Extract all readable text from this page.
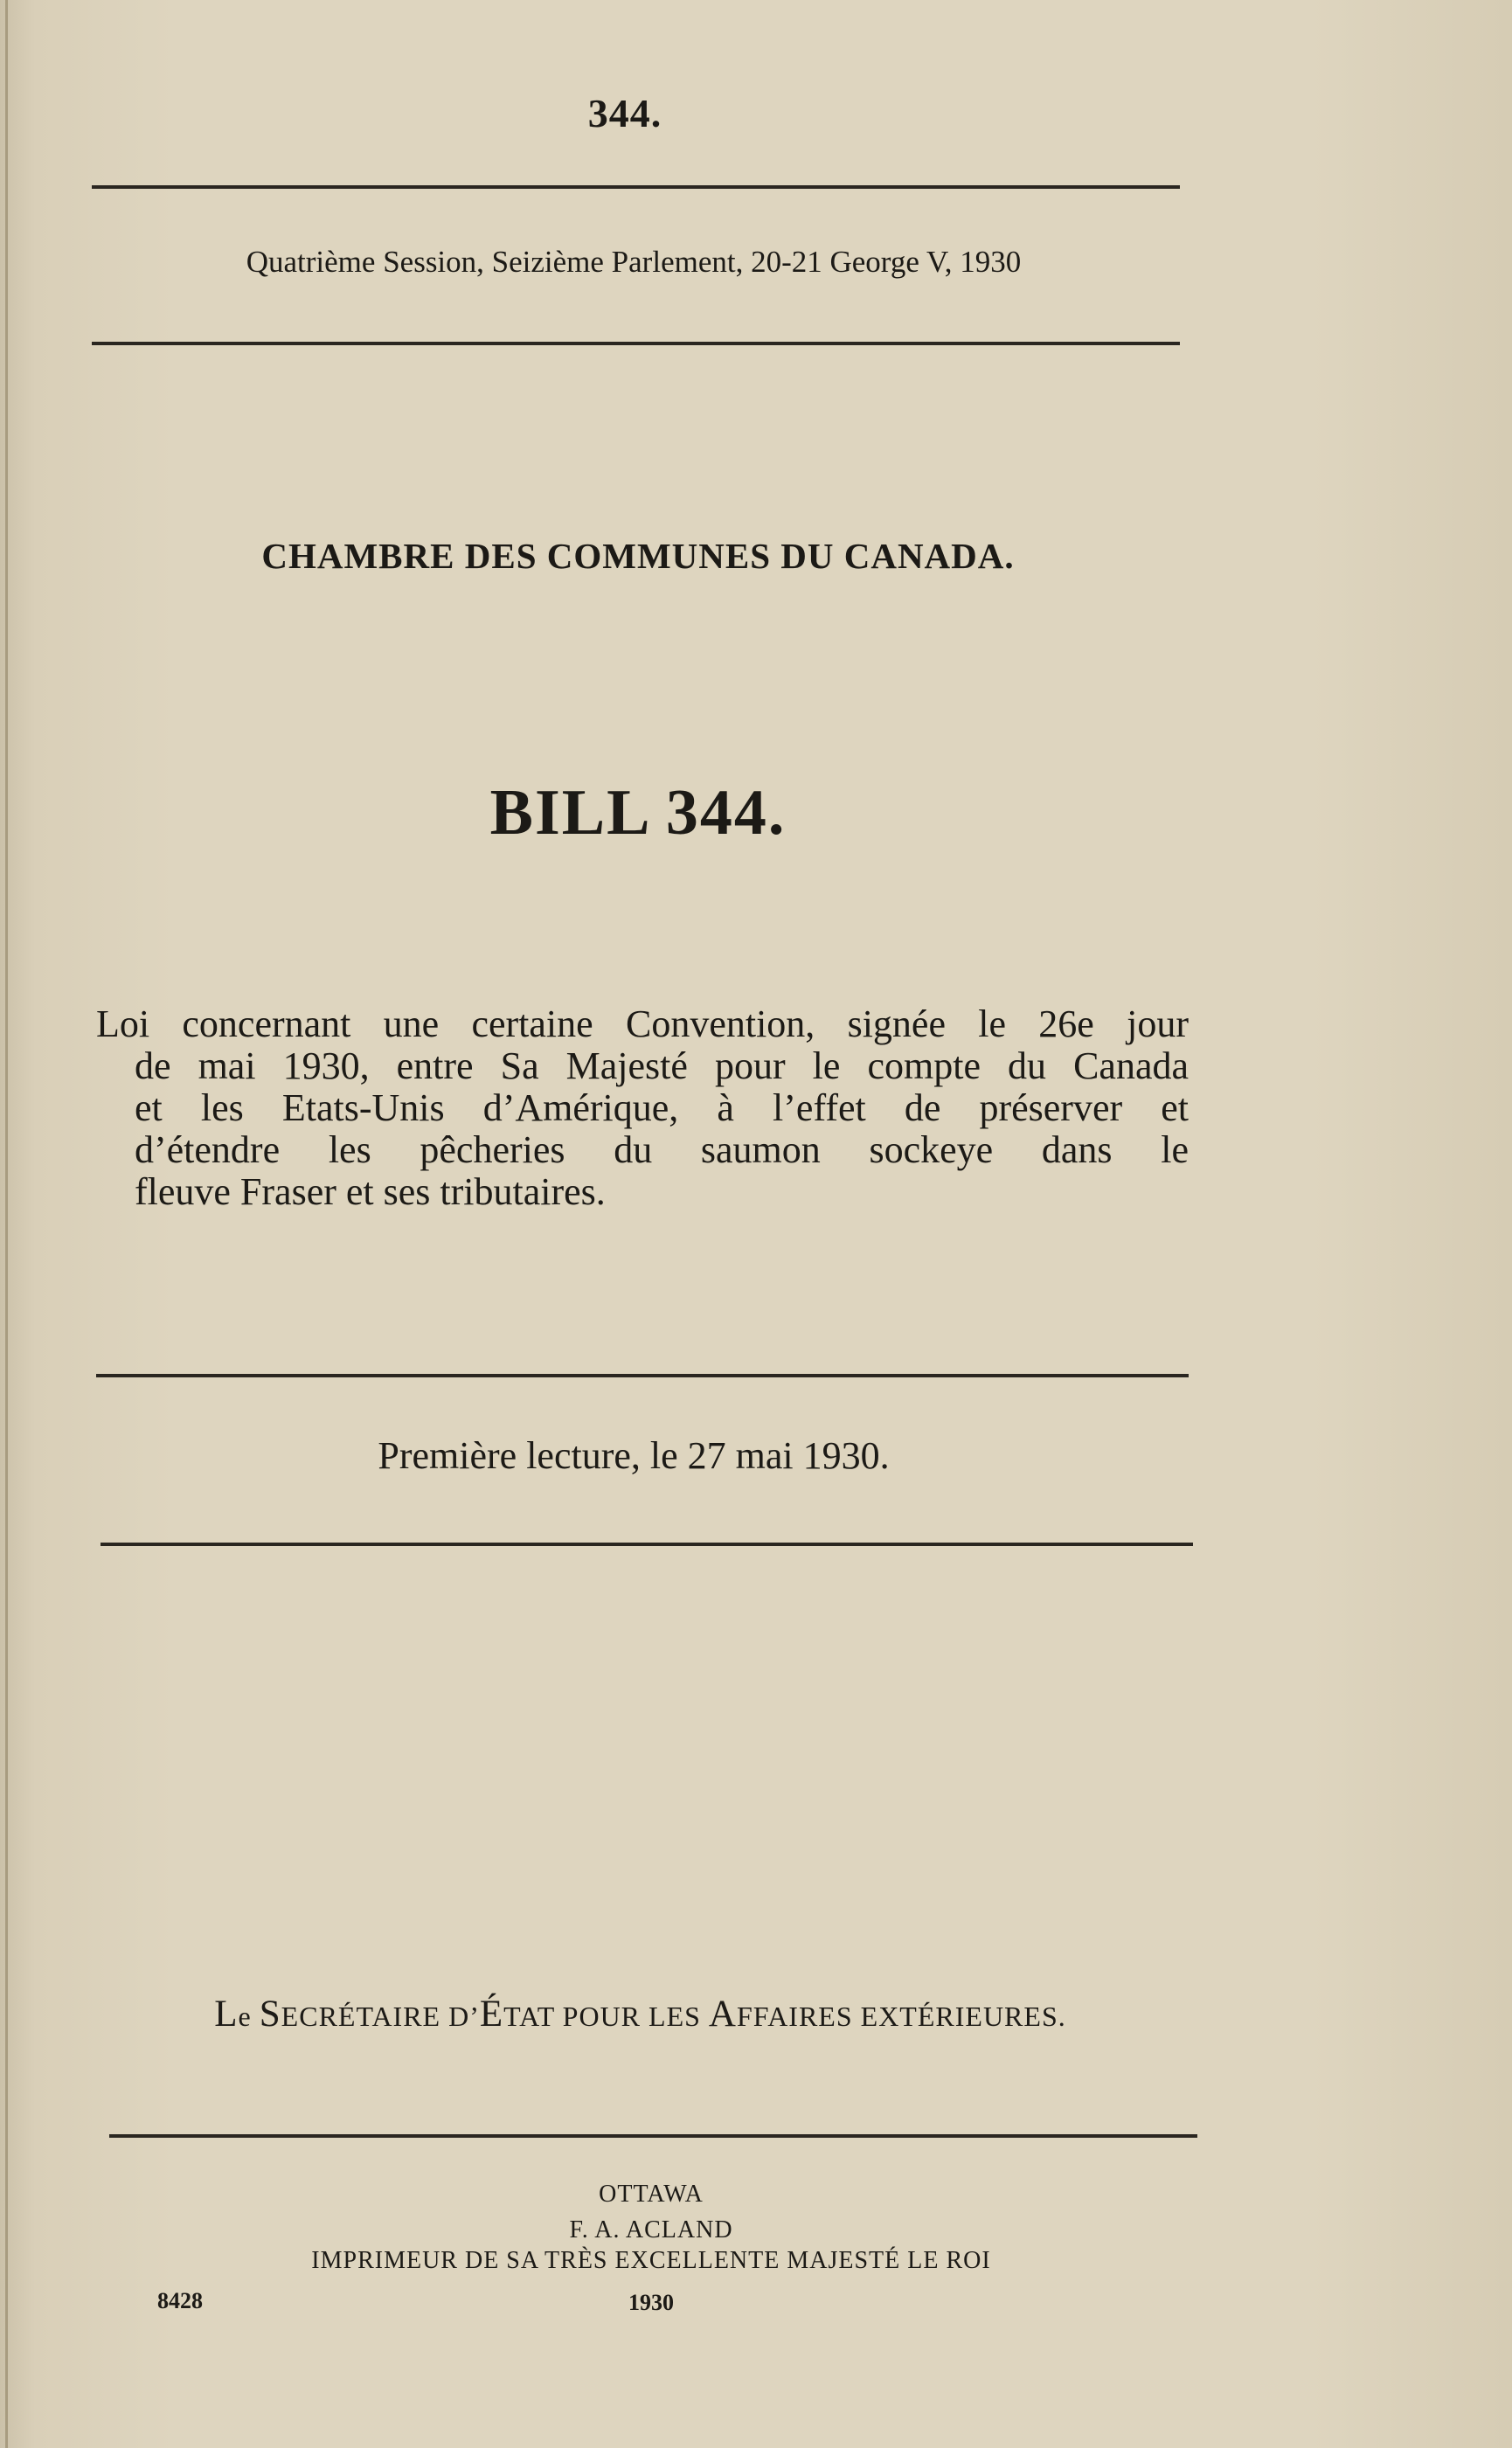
344.
Quatrième Session, Seizième Parlement, 20-21 George V, 1930
CHAMBRE DES COMMUNES DU CANADA.
BILL 344.
Loi concernant une certaine Convention, signée le 26e jour
de mai 1930, entre Sa Majesté pour le compte du Canada
et les Etats-Unis d’Amérique, à l’effet de préserver et
d’étendre les pêcheries du saumon sockeye dans le
fleuve Fraser et ses tributaires.
Première lecture, le 27 mai 1930.
Le SECRÉTAIRE D’ÉTAT POUR LES AFFAIRES EXTÉRIEURES.
OTTAWA
F. A. ACLAND
IMPRIMEUR DE SA TRÈS EXCELLENTE MAJESTÉ LE ROI
8428	1930
